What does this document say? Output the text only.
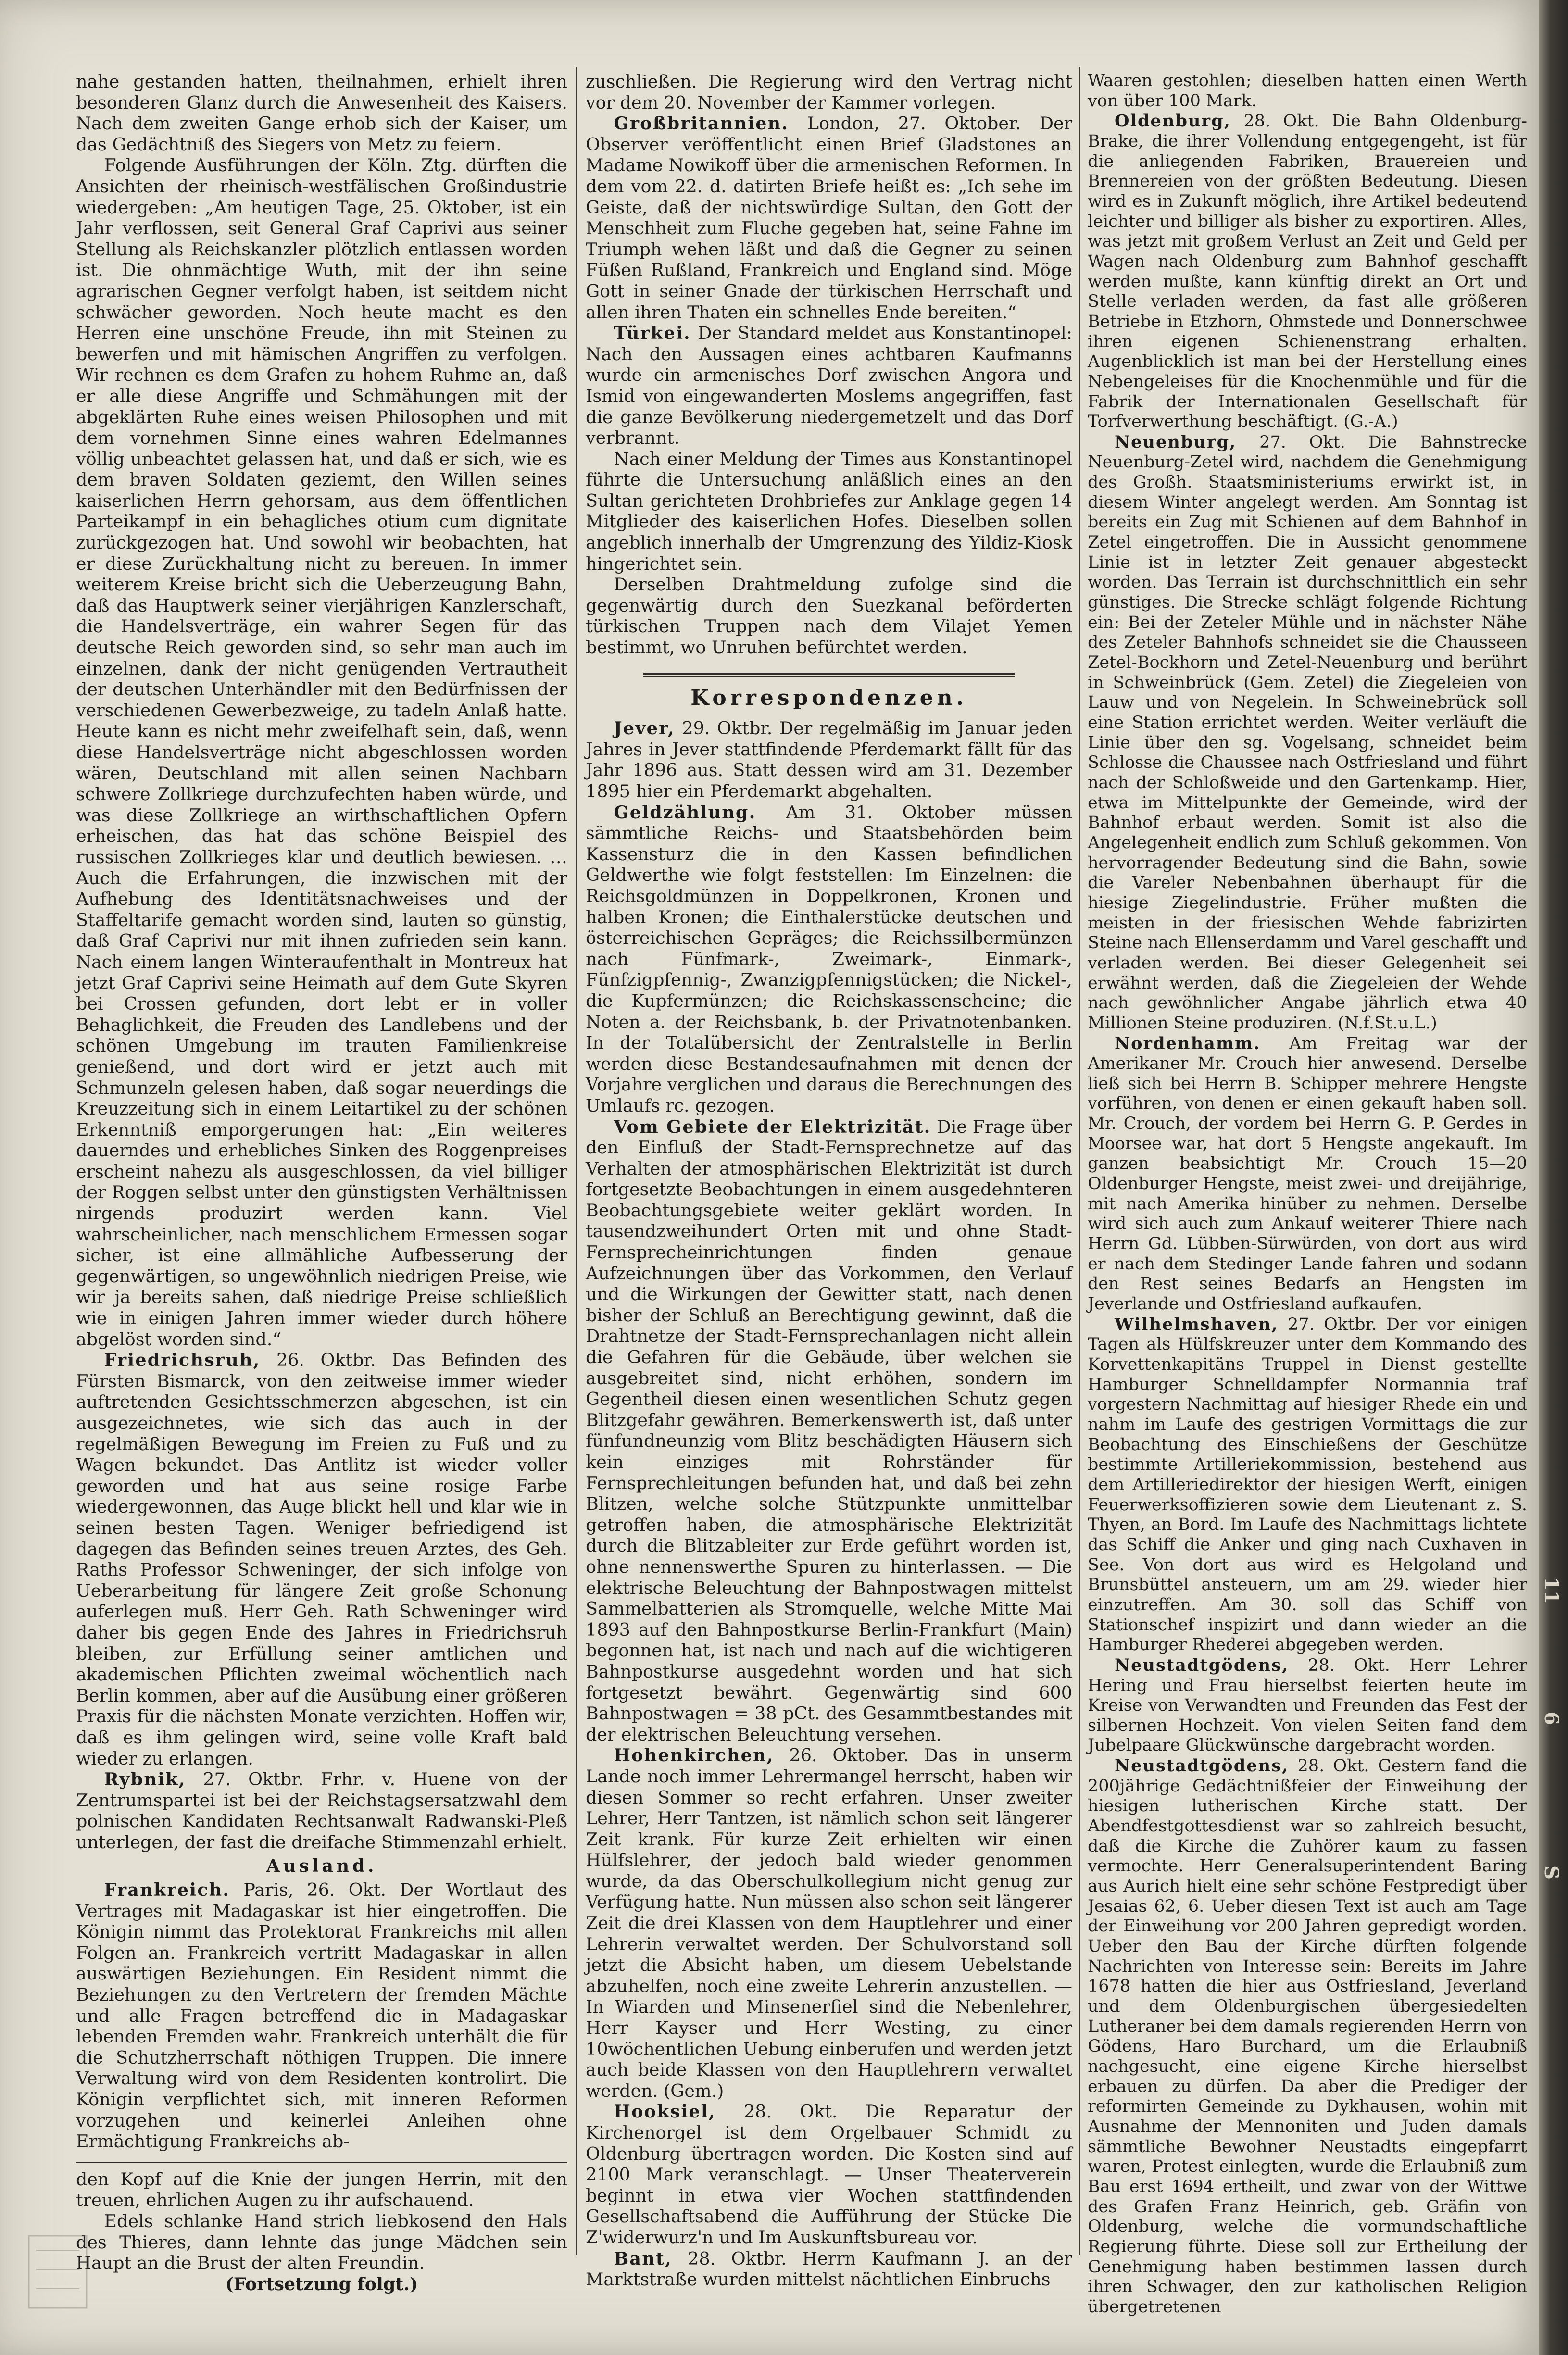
nahe gestanden hatten, theilnahmen, erhielt ihren besonderen Glanz durch die Anwesenheit des Kaisers. Nach dem zweiten Gange erhob sich der Kaiser, um das Gedächtniß des Siegers von Metz zu feiern.

Folgende Ausführungen der Köln. Ztg. dürften die Ansichten der rheinisch-westfälischen Großindustrie wiedergeben: „Am heutigen Tage, 25. Oktober, ist ein Jahr verflossen, seit General Graf Caprivi aus seiner Stellung als Reichskanzler plötzlich entlassen worden ist. Die ohnmächtige Wuth, mit der ihn seine agrarischen Gegner verfolgt haben, ist seitdem nicht schwächer geworden. Noch heute macht es den Herren eine unschöne Freude, ihn mit Steinen zu bewerfen und mit hämischen Angriffen zu verfolgen. Wir rechnen es dem Grafen zu hohem Ruhme an, daß er alle diese Angriffe und Schmähungen mit der abgeklärten Ruhe eines weisen Philosophen und mit dem vornehmen Sinne eines wahren Edelmannes völlig unbeachtet gelassen hat, und daß er sich, wie es dem braven Soldaten geziemt, den Willen seines kaiserlichen Herrn gehorsam, aus dem öffentlichen Parteikampf in ein behagliches otium cum dignitate zurückgezogen hat. Und sowohl wir beobachten, hat er diese Zurückhaltung nicht zu bereuen. In immer weiterem Kreise bricht sich die Ueberzeugung Bahn, daß das Hauptwerk seiner vierjährigen Kanzlerschaft, die Handelsverträge, ein wahrer Segen für das deutsche Reich geworden sind, so sehr man auch im einzelnen, dank der nicht genügenden Vertrautheit der deutschen Unterhändler mit den Bedürfnissen der verschiedenen Gewerbezweige, zu tadeln Anlaß hatte. Heute kann es nicht mehr zweifelhaft sein, daß, wenn diese Handelsverträge nicht abgeschlossen worden wären, Deutschland mit allen seinen Nachbarn schwere Zollkriege durchzufechten haben würde, und was diese Zollkriege an wirthschaftlichen Opfern erheischen, das hat das schöne Beispiel des russischen Zollkrieges klar und deutlich bewiesen. … Auch die Erfahrungen, die inzwischen mit der Aufhebung des Identitätsnachweises und der Staffeltarife gemacht worden sind, lauten so günstig, daß Graf Caprivi nur mit ihnen zufrieden sein kann. Nach einem langen Winteraufenthalt in Montreux hat jetzt Graf Caprivi seine Heimath auf dem Gute Skyren bei Crossen gefunden, dort lebt er in voller Behaglichkeit, die Freuden des Landlebens und der schönen Umgebung im trauten Familienkreise genießend, und dort wird er jetzt auch mit Schmunzeln gelesen haben, daß sogar neuerdings die Kreuzzeitung sich in einem Leitartikel zu der schönen Erkenntniß emporgerungen hat: „Ein weiteres dauerndes und erhebliches Sinken des Roggenpreises erscheint nahezu als ausgeschlossen, da viel billiger der Roggen selbst unter den günstigsten Verhältnissen nirgends produzirt werden kann. Viel wahrscheinlicher, nach menschlichem Ermessen sogar sicher, ist eine allmähliche Aufbesserung der gegenwärtigen, so ungewöhnlich niedrigen Preise, wie wir ja bereits sahen, daß niedrige Preise schließlich wie in einigen Jahren immer wieder durch höhere abgelöst worden sind.“

Friedrichsruh, 26. Oktbr. Das Befinden des Fürsten Bismarck, von den zeitweise immer wieder auftretenden Gesichtsschmerzen abgesehen, ist ein ausgezeichnetes, wie sich das auch in der regelmäßigen Bewegung im Freien zu Fuß und zu Wagen bekundet. Das Antlitz ist wieder voller geworden und hat aus seine rosige Farbe wiedergewonnen, das Auge blickt hell und klar wie in seinen besten Tagen. Weniger befriedigend ist dagegen das Befinden seines treuen Arztes, des Geh. Raths Professor Schweninger, der sich infolge von Ueberarbeitung für längere Zeit große Schonung auferlegen muß. Herr Geh. Rath Schweninger wird daher bis gegen Ende des Jahres in Friedrichsruh bleiben, zur Erfüllung seiner amtlichen und akademischen Pflichten zweimal wöchentlich nach Berlin kommen, aber auf die Ausübung einer größeren Praxis für die nächsten Monate verzichten. Hoffen wir, daß es ihm gelingen wird, seine volle Kraft bald wieder zu erlangen.

Rybnik, 27. Oktbr. Frhr. v. Huene von der Zentrumspartei ist bei der Reichstagsersatzwahl dem polnischen Kandidaten Rechtsanwalt Radwanski-Pleß unterlegen, der fast die dreifache Stimmenzahl erhielt.

Ausland.

Frankreich. Paris, 26. Okt. Der Wortlaut des Vertrages mit Madagaskar ist hier eingetroffen. Die Königin nimmt das Protektorat Frankreichs mit allen Folgen an. Frankreich vertritt Madagaskar in allen auswärtigen Beziehungen. Ein Resident nimmt die Beziehungen zu den Vertretern der fremden Mächte und alle Fragen betreffend die in Madagaskar lebenden Fremden wahr. Frankreich unterhält die für die Schutzherrschaft nöthigen Truppen. Die innere Verwaltung wird von dem Residenten kontrolirt. Die Königin verpflichtet sich, mit inneren Reformen vorzugehen und keinerlei Anleihen ohne Ermächtigung Frankreichs ab-

den Kopf auf die Knie der jungen Herrin, mit den treuen, ehrlichen Augen zu ihr aufschauend.

Edels schlanke Hand strich liebkosend den Hals des Thieres, dann lehnte das junge Mädchen sein Haupt an die Brust der alten Freundin.

(Fortsetzung folgt.)

zuschließen. Die Regierung wird den Vertrag nicht vor dem 20. November der Kammer vorlegen.

Großbritannien. London, 27. Oktober. Der Observer veröffentlicht einen Brief Gladstones an Madame Nowikoff über die armenischen Reformen. In dem vom 22. d. datirten Briefe heißt es: „Ich sehe im Geiste, daß der nichtswürdige Sultan, den Gott der Menschheit zum Fluche gegeben hat, seine Fahne im Triumph wehen läßt und daß die Gegner zu seinen Füßen Rußland, Frankreich und England sind. Möge Gott in seiner Gnade der türkischen Herrschaft und allen ihren Thaten ein schnelles Ende bereiten.“

Türkei. Der Standard meldet aus Konstantinopel: Nach den Aussagen eines achtbaren Kaufmanns wurde ein armenisches Dorf zwischen Angora und Ismid von eingewanderten Moslems angegriffen, fast die ganze Bevölkerung niedergemetzelt und das Dorf verbrannt.

Nach einer Meldung der Times aus Konstantinopel führte die Untersuchung anläßlich eines an den Sultan gerichteten Drohbriefes zur Anklage gegen 14 Mitglieder des kaiserlichen Hofes. Dieselben sollen angeblich innerhalb der Umgrenzung des Yildiz-Kiosk hingerichtet sein.

Derselben Drahtmeldung zufolge sind die gegenwärtig durch den Suezkanal beförderten türkischen Truppen nach dem Vilajet Yemen bestimmt, wo Unruhen befürchtet werden.

Korrespondenzen.

Jever, 29. Oktbr. Der regelmäßig im Januar jeden Jahres in Jever stattfindende Pferdemarkt fällt für das Jahr 1896 aus. Statt dessen wird am 31. Dezember 1895 hier ein Pferdemarkt abgehalten.

Geldzählung. Am 31. Oktober müssen sämmtliche Reichs- und Staatsbehörden beim Kassensturz die in den Kassen befindlichen Geldwerthe wie folgt feststellen: Im Einzelnen: die Reichsgoldmünzen in Doppelkronen, Kronen und halben Kronen; die Einthalerstücke deutschen und österreichischen Gepräges; die Reichssilbermünzen nach Fünfmark-, Zweimark-, Einmark-, Fünfzigpfennig-, Zwanzigpfennigstücken; die Nickel-, die Kupfermünzen; die Reichskassenscheine; die Noten a. der Reichsbank, b. der Privatnotenbanken. In der Totalübersicht der Zentralstelle in Berlin werden diese Bestandesaufnahmen mit denen der Vorjahre verglichen und daraus die Berechnungen des Umlaufs rc. gezogen.

Vom Gebiete der Elektrizität. Die Frage über den Einfluß der Stadt-Fernsprechnetze auf das Verhalten der atmosphärischen Elektrizität ist durch fortgesetzte Beobachtungen in einem ausgedehnteren Beobachtungsgebiete weiter geklärt worden. In tausendzweihundert Orten mit und ohne Stadt-Fernsprecheinrichtungen finden genaue Aufzeichnungen über das Vorkommen, den Verlauf und die Wirkungen der Gewitter statt, nach denen bisher der Schluß an Berechtigung gewinnt, daß die Drahtnetze der Stadt-Fernsprechanlagen nicht allein die Gefahren für die Gebäude, über welchen sie ausgebreitet sind, nicht erhöhen, sondern im Gegentheil diesen einen wesentlichen Schutz gegen Blitzgefahr gewähren. Bemerkenswerth ist, daß unter fünfundneunzig vom Blitz beschädigten Häusern sich kein einziges mit Rohrständer für Fernsprechleitungen befunden hat, und daß bei zehn Blitzen, welche solche Stützpunkte unmittelbar getroffen haben, die atmosphärische Elektrizität durch die Blitzableiter zur Erde geführt worden ist, ohne nennenswerthe Spuren zu hinterlassen. — Die elektrische Beleuchtung der Bahnpostwagen mittelst Sammelbatterien als Stromquelle, welche Mitte Mai 1893 auf den Bahnpostkurse Berlin-Frankfurt (Main) begonnen hat, ist nach und nach auf die wichtigeren Bahnpostkurse ausgedehnt worden und hat sich fortgesetzt bewährt. Gegenwärtig sind 600 Bahnpostwagen = 38 pCt. des Gesammtbestandes mit der elektrischen Beleuchtung versehen.

Hohenkirchen, 26. Oktober. Das in unserm Lande noch immer Lehrermangel herrscht, haben wir diesen Sommer so recht erfahren. Unser zweiter Lehrer, Herr Tantzen, ist nämlich schon seit längerer Zeit krank. Für kurze Zeit erhielten wir einen Hülfslehrer, der jedoch bald wieder genommen wurde, da das Oberschulkollegium nicht genug zur Verfügung hatte. Nun müssen also schon seit längerer Zeit die drei Klassen von dem Hauptlehrer und einer Lehrerin verwaltet werden. Der Schulvorstand soll jetzt die Absicht haben, um diesem Uebelstande abzuhelfen, noch eine zweite Lehrerin anzustellen. — In Wiarden und Minsenerfiel sind die Nebenlehrer, Herr Kayser und Herr Westing, zu einer 10wöchentlichen Uebung einberufen und werden jetzt auch beide Klassen von den Hauptlehrern verwaltet werden. (Gem.)

Hooksiel, 28. Okt. Die Reparatur der Kirchenorgel ist dem Orgelbauer Schmidt zu Oldenburg übertragen worden. Die Kosten sind auf 2100 Mark veranschlagt. — Unser Theaterverein beginnt in etwa vier Wochen stattfindenden Gesellschaftsabend die Aufführung der Stücke Die Z'widerwurz'n und Im Auskunftsbureau vor.

Bant, 28. Oktbr. Herrn Kaufmann J. an der Marktstraße wurden mittelst nächtlichen Einbruchs

Waaren gestohlen; dieselben hatten einen Werth von über 100 Mark.

Oldenburg, 28. Okt. Die Bahn Oldenburg-Brake, die ihrer Vollendung entgegengeht, ist für die anliegenden Fabriken, Brauereien und Brennereien von der größten Bedeutung. Diesen wird es in Zukunft möglich, ihre Artikel bedeutend leichter und billiger als bisher zu exportiren. Alles, was jetzt mit großem Verlust an Zeit und Geld per Wagen nach Oldenburg zum Bahnhof geschafft werden mußte, kann künftig direkt an Ort und Stelle verladen werden, da fast alle größeren Betriebe in Etzhorn, Ohmstede und Donnerschwee ihren eigenen Schienenstrang erhalten. Augenblicklich ist man bei der Herstellung eines Nebengeleises für die Knochenmühle und für die Fabrik der Internationalen Gesellschaft für Torfverwerthung beschäftigt. (G.-A.)

Neuenburg, 27. Okt. Die Bahnstrecke Neuenburg-Zetel wird, nachdem die Genehmigung des Großh. Staatsministeriums erwirkt ist, in diesem Winter angelegt werden. Am Sonntag ist bereits ein Zug mit Schienen auf dem Bahnhof in Zetel eingetroffen. Die in Aussicht genommene Linie ist in letzter Zeit genauer abgesteckt worden. Das Terrain ist durchschnittlich ein sehr günstiges. Die Strecke schlägt folgende Richtung ein: Bei der Zeteler Mühle und in nächster Nähe des Zeteler Bahnhofs schneidet sie die Chausseen Zetel-Bockhorn und Zetel-Neuenburg und berührt in Schweinbrück (Gem. Zetel) die Ziegeleien von Lauw und von Negelein. In Schweinebrück soll eine Station errichtet werden. Weiter verläuft die Linie über den sg. Vogelsang, schneidet beim Schlosse die Chaussee nach Ostfriesland und führt nach der Schloßweide und den Gartenkamp. Hier, etwa im Mittelpunkte der Gemeinde, wird der Bahnhof erbaut werden. Somit ist also die Angelegenheit endlich zum Schluß gekommen. Von hervorragender Bedeutung sind die Bahn, sowie die Vareler Nebenbahnen überhaupt für die hiesige Ziegelindustrie. Früher mußten die meisten in der friesischen Wehde fabrizirten Steine nach Ellenserdamm und Varel geschafft und verladen werden. Bei dieser Gelegenheit sei erwähnt werden, daß die Ziegeleien der Wehde nach gewöhnlicher Angabe jährlich etwa 40 Millionen Steine produziren. (N.f.St.u.L.)

Nordenhamm. Am Freitag war der Amerikaner Mr. Crouch hier anwesend. Derselbe ließ sich bei Herrn B. Schipper mehrere Hengste vorführen, von denen er einen gekauft haben soll. Mr. Crouch, der vordem bei Herrn G. P. Gerdes in Moorsee war, hat dort 5 Hengste angekauft. Im ganzen beabsichtigt Mr. Crouch 15—20 Oldenburger Hengste, meist zwei- und dreijährige, mit nach Amerika hinüber zu nehmen. Derselbe wird sich auch zum Ankauf weiterer Thiere nach Herrn Gd. Lübben-Sürwürden, von dort aus wird er nach dem Stedinger Lande fahren und sodann den Rest seines Bedarfs an Hengsten im Jeverlande und Ostfriesland aufkaufen.

Wilhelmshaven, 27. Oktbr. Der vor einigen Tagen als Hülfskreuzer unter dem Kommando des Korvettenkapitäns Truppel in Dienst gestellte Hamburger Schnelldampfer Normannia traf vorgestern Nachmittag auf hiesiger Rhede ein und nahm im Laufe des gestrigen Vormittags die zur Beobachtung des Einschießens der Geschütze bestimmte Artilleriekommission, bestehend aus dem Artilleriedirektor der hiesigen Werft, einigen Feuerwerksoffizieren sowie dem Lieutenant z. S. Thyen, an Bord. Im Laufe des Nachmittags lichtete das Schiff die Anker und ging nach Cuxhaven in See. Von dort aus wird es Helgoland und Brunsbüttel ansteuern, um am 29. wieder hier einzutreffen. Am 30. soll das Schiff von Stationschef inspizirt und dann wieder an die Hamburger Rhederei abgegeben werden.

Neustadtgödens, 28. Okt. Herr Lehrer Hering und Frau hierselbst feierten heute im Kreise von Verwandten und Freunden das Fest der silbernen Hochzeit. Von vielen Seiten fand dem Jubelpaare Glückwünsche dargebracht worden.

Neustadtgödens, 28. Okt. Gestern fand die 200jährige Gedächtnißfeier der Einweihung der hiesigen lutherischen Kirche statt. Der Abendfestgottesdienst war so zahlreich besucht, daß die Kirche die Zuhörer kaum zu fassen vermochte. Herr Generalsuperintendent Baring aus Aurich hielt eine sehr schöne Festpredigt über Jesaias 62, 6. Ueber diesen Text ist auch am Tage der Einweihung vor 200 Jahren gepredigt worden. Ueber den Bau der Kirche dürften folgende Nachrichten von Interesse sein: Bereits im Jahre 1678 hatten die hier aus Ostfriesland, Jeverland und dem Oldenburgischen übergesiedelten Lutheraner bei dem damals regierenden Herrn von Gödens, Haro Burchard, um die Erlaubniß nachgesucht, eine eigene Kirche hierselbst erbauen zu dürfen. Da aber die Prediger der reformirten Gemeinde zu Dykhausen, wohin mit Ausnahme der Mennoniten und Juden damals sämmtliche Bewohner Neustadts eingepfarrt waren, Protest einlegten, wurde die Erlaubniß zum Bau erst 1694 ertheilt, und zwar von der Wittwe des Grafen Franz Heinrich, geb. Gräfin von Oldenburg, welche die vormundschaftliche Regierung führte. Diese soll zur Ertheilung der Genehmigung haben bestimmen lassen durch ihren Schwager, den zur katholischen Religion übergetretenen

11
6
S
